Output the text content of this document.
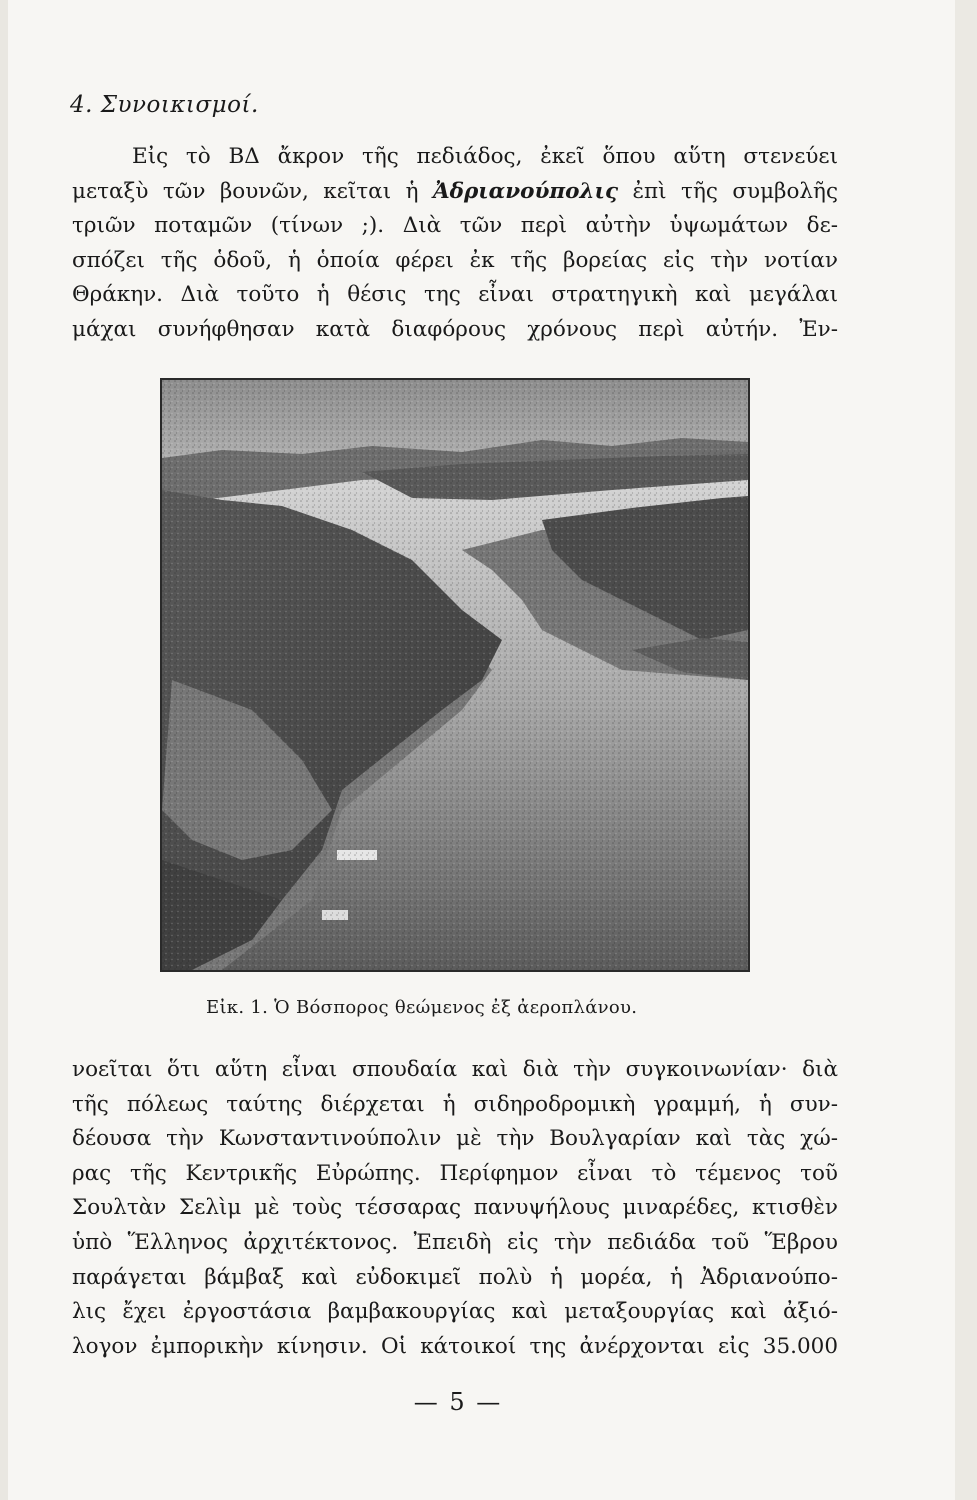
4. Συνοικισμοί.
Εἰς τὸ ΒΔ ἄκρον τῆς πεδιάδος, ἐκεῖ ὅπου αὕτη στενεύει
μεταξὺ τῶν βουνῶν, κεῖται ἡ Ἀδριανούπολις ἐπὶ τῆς συμβολῆς
τριῶν ποταμῶν (τίνων ;). Διὰ τῶν περὶ αὐτὴν ὑψωμάτων δε-
σπόζει τῆς ὁδοῦ, ἡ ὁποία φέρει ἐκ τῆς βορείας εἰς τὴν νοτίαν
Θράκην. Διὰ τοῦτο ἡ θέσις της εἶναι στρατηγικὴ καὶ μεγάλαι
μάχαι συνήφθησαν κατὰ διαφόρους χρόνους περὶ αὐτήν. Ἐν-

Εἰκ. 1. Ὁ Βόσπορος θεώμενος ἐξ ἀεροπλάνου.

νοεῖται ὅτι αὕτη εἶναι σπουδαία καὶ διὰ τὴν συγκοινωνίαν· διὰ
τῆς πόλεως ταύτης διέρχεται ἡ σιδηροδρομικὴ γραμμή, ἡ συν-
δέουσα τὴν Κωνσταντινούπολιν μὲ τὴν Βουλγαρίαν καὶ τὰς χώ-
ρας τῆς Κεντρικῆς Εὐρώπης. Περίφημον εἶναι τὸ τέμενος τοῦ
Σουλτὰν Σελὶμ μὲ τοὺς τέσσαρας πανυψήλους μιναρέδες, κτισθὲν
ὑπὸ Ἕλληνος ἀρχιτέκτονος. Ἐπειδὴ εἰς τὴν πεδιάδα τοῦ Ἕβρου
παράγεται βάμβαξ καὶ εὐδοκιμεῖ πολὺ ἡ μορέα, ἡ Ἀδριανούπο-
λις ἔχει ἐργοστάσια βαμβακουργίας καὶ μεταξουργίας καὶ ἀξιό-
λογον ἐμπορικὴν κίνησιν. Οἱ κάτοικοί της ἀνέρχονται εἰς 35.000

— 5 —
